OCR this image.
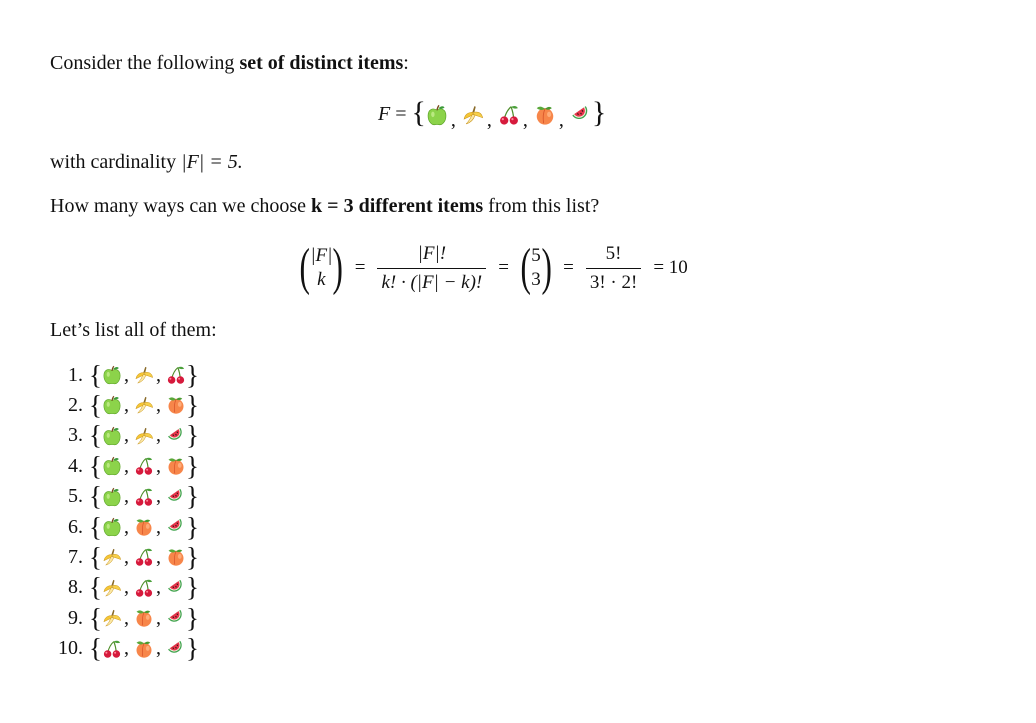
Consider the following set of distinct items:
F = { , , , , }
with cardinality |F| = 5.
How many ways can we choose k = 3 different items from this list?
( |F|
k ) = $\frac{|F|!}{k! \cdot (|F| - k)!}$ = ( 5
3 ) = $\frac{5!}{3! \cdot 2!} = 10$
Let’s list all of them:
1. { , , }
2. { , , }
3. { , , }
4. { , , }
5. { , , }
6. { , , }
7. { , , }
8. { , , }
9. { , , }
10. { , , }
